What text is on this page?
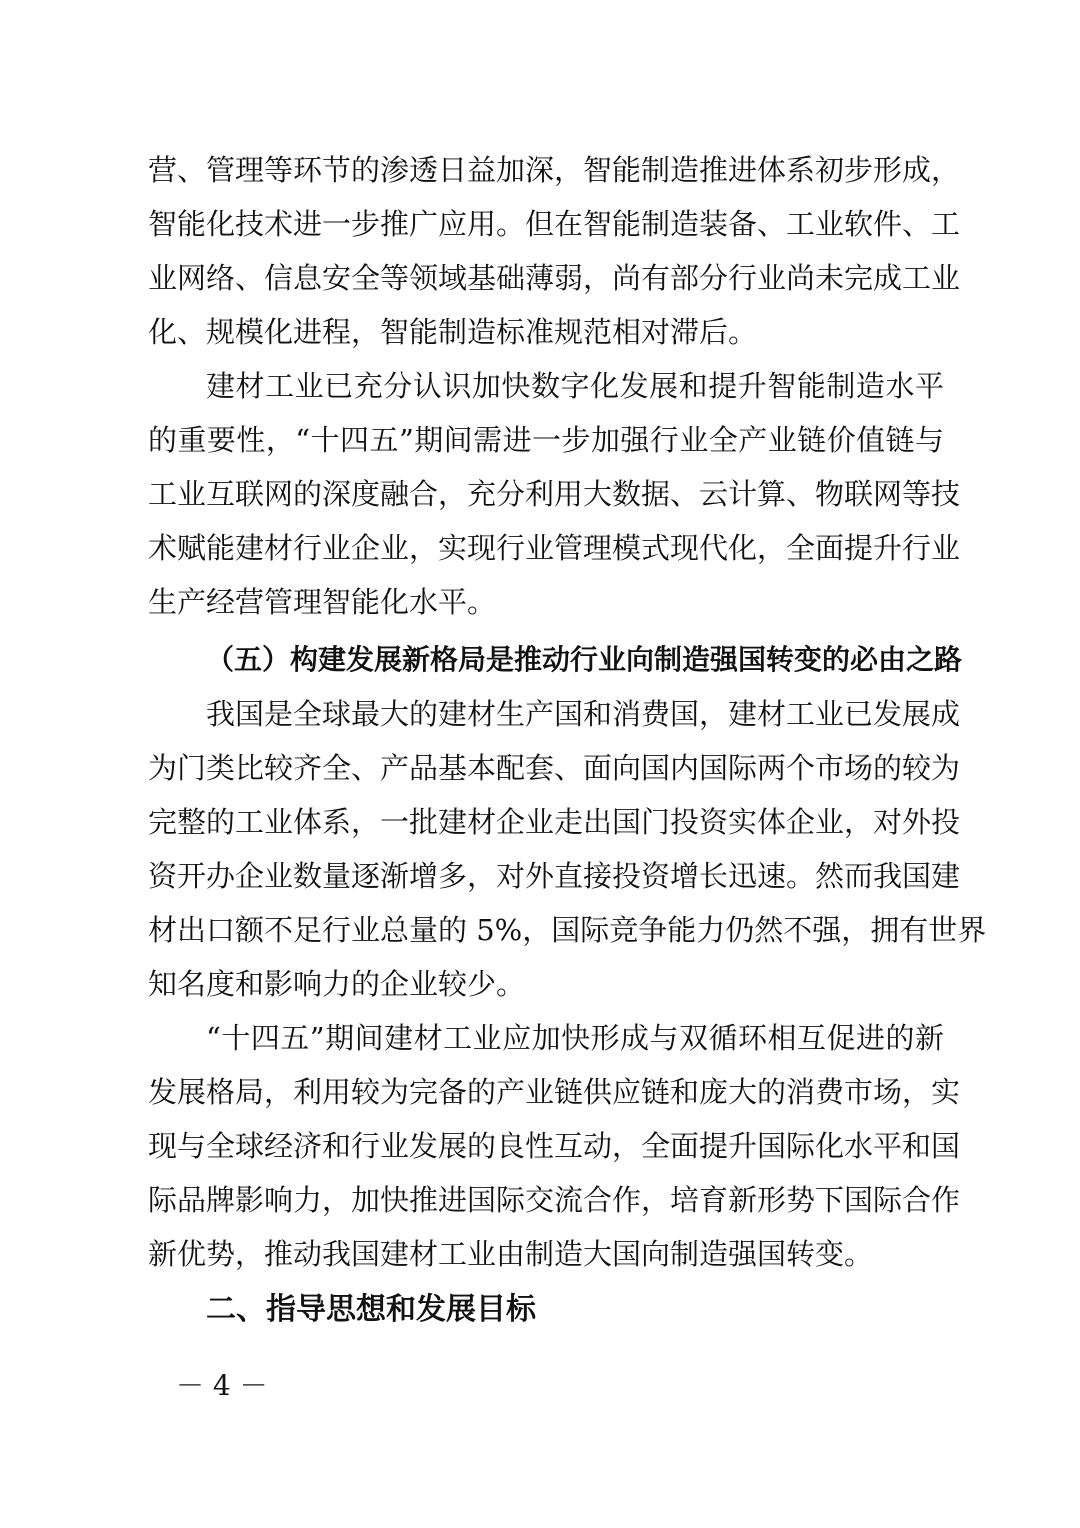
营、管理等环节的渗透日益加深，智能制造推进体系初步形成，
智能化技术进一步推广应用。但在智能制造装备、工业软件、工
业网络、信息安全等领域基础薄弱，尚有部分行业尚未完成工业
化、规模化进程，智能制造标准规范相对滞后。
建材工业已充分认识加快数字化发展和提升智能制造水平
的重要性，“十四五”期间需进一步加强行业全产业链价值链与
工业互联网的深度融合，充分利用大数据、云计算、物联网等技
术赋能建材行业企业，实现行业管理模式现代化，全面提升行业
生产经营管理智能化水平。
（五）构建发展新格局是推动行业向制造强国转变的必由之路
我国是全球最大的建材生产国和消费国，建材工业已发展成
为门类比较齐全、产品基本配套、面向国内国际两个市场的较为
完整的工业体系，一批建材企业走出国门投资实体企业，对外投
资开办企业数量逐渐增多，对外直接投资增长迅速。然而我国建
材出口额不足行业总量的 5%，国际竞争能力仍然不强，拥有世界
知名度和影响力的企业较少。
“十四五”期间建材工业应加快形成与双循环相互促进的新
发展格局，利用较为完备的产业链供应链和庞大的消费市场，实
现与全球经济和行业发展的良性互动，全面提升国际化水平和国
际品牌影响力，加快推进国际交流合作，培育新形势下国际合作
新优势，推动我国建材工业由制造大国向制造强国转变。
二、指导思想和发展目标
－ 4 －
